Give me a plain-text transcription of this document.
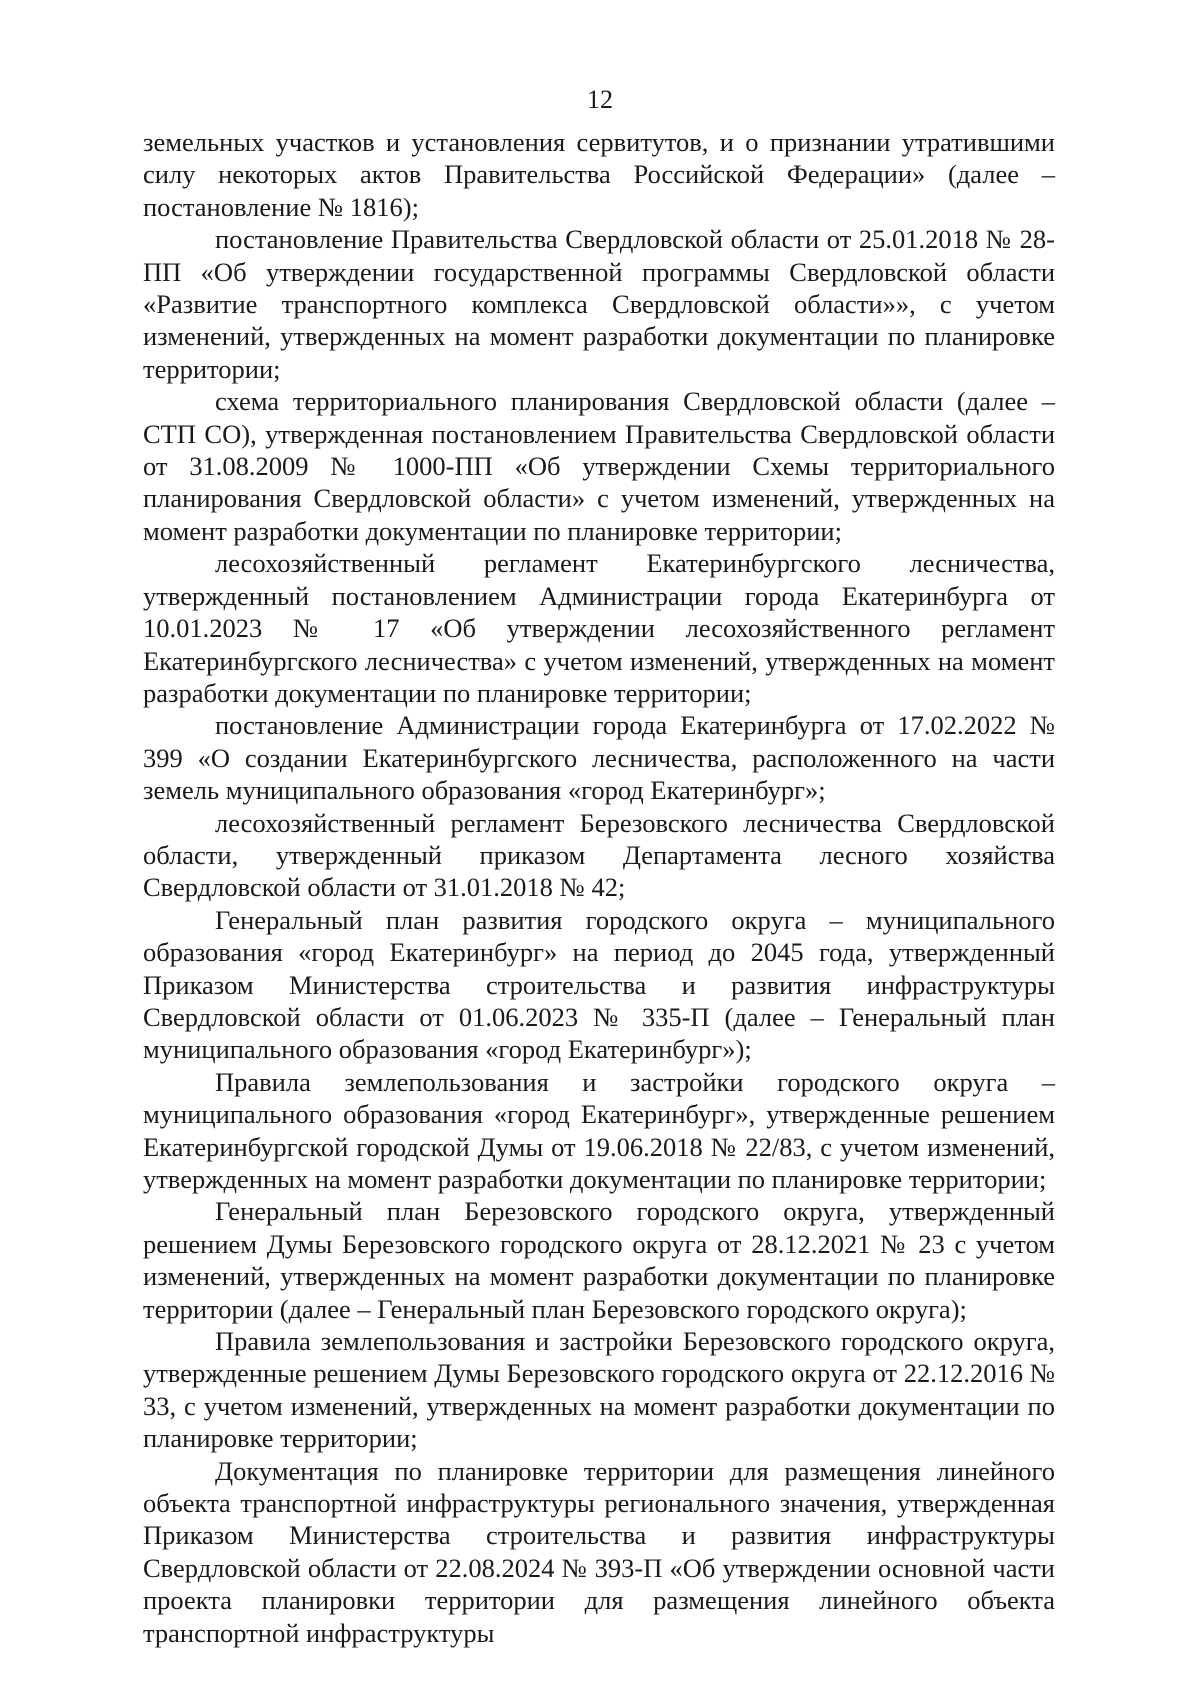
12

земельных участков и установления сервитутов, и о признании утратившими силу некоторых актов Правительства Российской Федерации» (далее – постановление № 1816);

постановление Правительства Свердловской области от 25.01.2018 № 28-ПП «Об утверждении государственной программы Свердловской области «Развитие транспортного комплекса Свердловской области»», с учетом изменений, утвержденных на момент разработки документации по планировке территории;

схема территориального планирования Свердловской области (далее – СТП СО), утвержденная постановлением Правительства Свердловской области от 31.08.2009 № 1000-ПП «Об утверждении Схемы территориального планирования Свердловской области» с учетом изменений, утвержденных на момент разработки документации по планировке территории;

лесохозяйственный регламент Екатеринбургского лесничества, утвержденный постановлением Администрации города Екатеринбурга от 10.01.2023 № 17 «Об утверждении лесохозяйственного регламент Екатеринбургского лесничества» с учетом изменений, утвержденных на момент разработки документации по планировке территории;

постановление Администрации города Екатеринбурга от 17.02.2022 № 399 «О создании Екатеринбургского лесничества, расположенного на части земель муниципального образования «город Екатеринбург»;

лесохозяйственный регламент Березовского лесничества Свердловской области, утвержденный приказом Департамента лесного хозяйства Свердловской области от 31.01.2018 № 42;

Генеральный план развития городского округа – муниципального образования «город Екатеринбург» на период до 2045 года, утвержденный Приказом Министерства строительства и развития инфраструктуры Свердловской области от 01.06.2023 № 335-П (далее – Генеральный план муниципального образования «город Екатеринбург»);

Правила землепользования и застройки городского округа – муниципального образования «город Екатеринбург», утвержденные решением Екатеринбургской городской Думы от 19.06.2018 № 22/83, с учетом изменений, утвержденных на момент разработки документации по планировке территории;

Генеральный план Березовского городского округа, утвержденный решением Думы Березовского городского округа от 28.12.2021 № 23 с учетом изменений, утвержденных на момент разработки документации по планировке территории (далее – Генеральный план Березовского городского округа);

Правила землепользования и застройки Березовского городского округа, утвержденные решением Думы Березовского городского округа от 22.12.2016 № 33, с учетом изменений, утвержденных на момент разработки документации по планировке территории;

Документация по планировке территории для размещения линейного объекта транспортной инфраструктуры регионального значения, утвержденная Приказом Министерства строительства и развития инфраструктуры Свердловской области от 22.08.2024 № 393-П «Об утверждении основной части проекта планировки территории для размещения линейного объекта транспортной инфраструктуры
